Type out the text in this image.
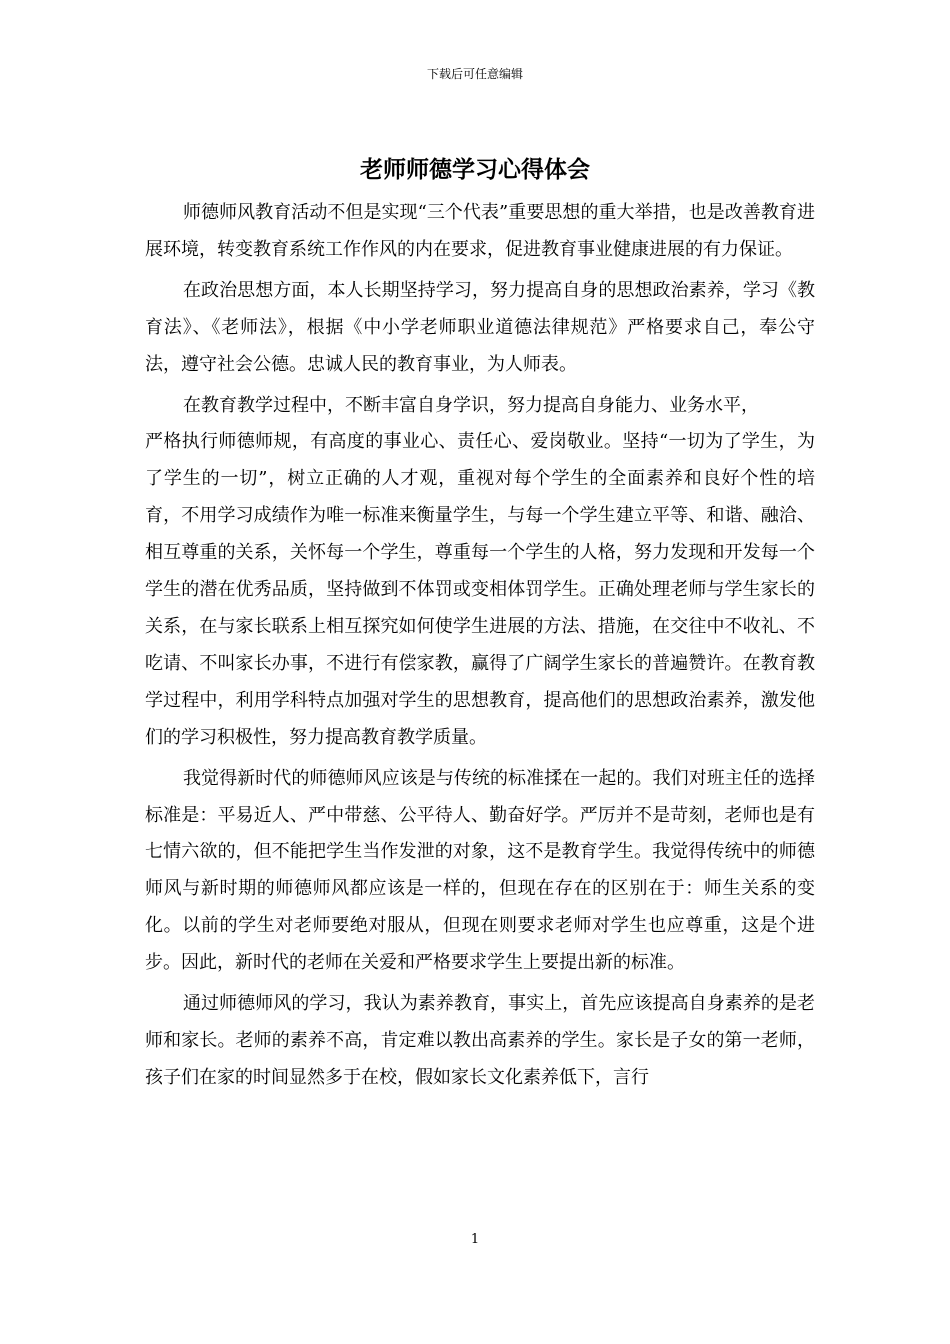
下载后可任意编辑
老师师德学习心得体会

师德师风教育活动不但是实现“三个代表”重要思想的重大举措，也是改善教育进展环境，转变教育系统工作作风的内在要求，促进教育事业健康进展的有力保证。

在政治思想方面，本人长期坚持学习，努力提高自身的思想政治素养，学习《教育法》、《老师法》，根据《中小学老师职业道德法律规范》严格要求自己，奉公守法，遵守社会公德。忠诚人民的教育事业，为人师表。

在教育教学过程中，不断丰富自身学识，努力提高自身能力、业务水平，
严格执行师德师规，有高度的事业心、责任心、爱岗敬业。坚持“一切为了学生，为了学生的一切”，树立正确的人才观，重视对每个学生的全面素养和良好个性的培育，不用学习成绩作为唯一标准来衡量学生，与每一个学生建立平等、和谐、融洽、相互尊重的关系，关怀每一个学生，尊重每一个学生的人格，努力发现和开发每一个学生的潜在优秀品质，坚持做到不体罚或变相体罚学生。正确处理老师与学生家长的关系，在与家长联系上相互探究如何使学生进展的方法、措施，在交往中不收礼、不吃请、不叫家长办事，不进行有偿家教，赢得了广阔学生家长的普遍赞许。在教育教学过程中，利用学科特点加强对学生的思想教育，提高他们的思想政治素养，激发他们的学习积极性，努力提高教育教学质量。

我觉得新时代的师德师风应该是与传统的标准揉在一起的。我们对班主任的选择标准是：平易近人、严中带慈、公平待人、勤奋好学。严厉并不是苛刻，老师也是有七情六欲的，但不能把学生当作发泄的对象，这不是教育学生。我觉得传统中的师德师风与新时期的师德师风都应该是一样的，但现在存在的区别在于：师生关系的变化。以前的学生对老师要绝对服从，但现在则要求老师对学生也应尊重，这是个进步。因此，新时代的老师在关爱和严格要求学生上要提出新的标准。

通过师德师风的学习，我认为素养教育，事实上，首先应该提高自身素养的是老师和家长。老师的素养不高，肯定难以教出高素养的学生。家长是子女的第一老师，孩子们在家的时间显然多于在校，假如家长文化素养低下，言行

1
